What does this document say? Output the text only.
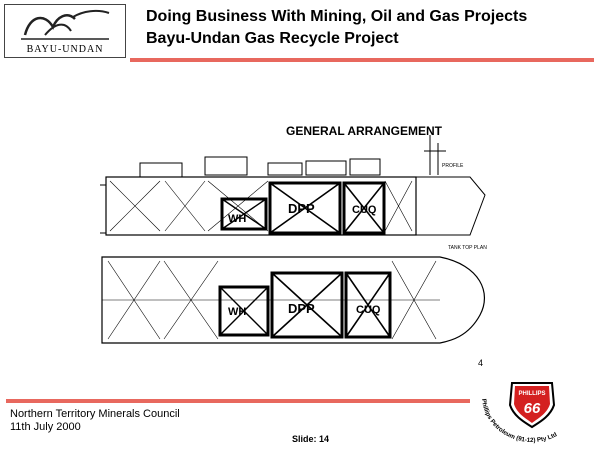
BAYU-UNDAN
Doing Business With Mining, Oil and Gas Projects
Bayu-Undan Gas Recycle Project
GENERAL ARRANGEMENT
WH
DPP	CUQ
PROFILE
TANK TOP PLAN
WH	DPP	CUQ
4
Northern Territory Minerals Council
11th July 2000
Slide: 14
PHILLIPS
66
Phillips Petroleum (91-12) Pty Ltd
